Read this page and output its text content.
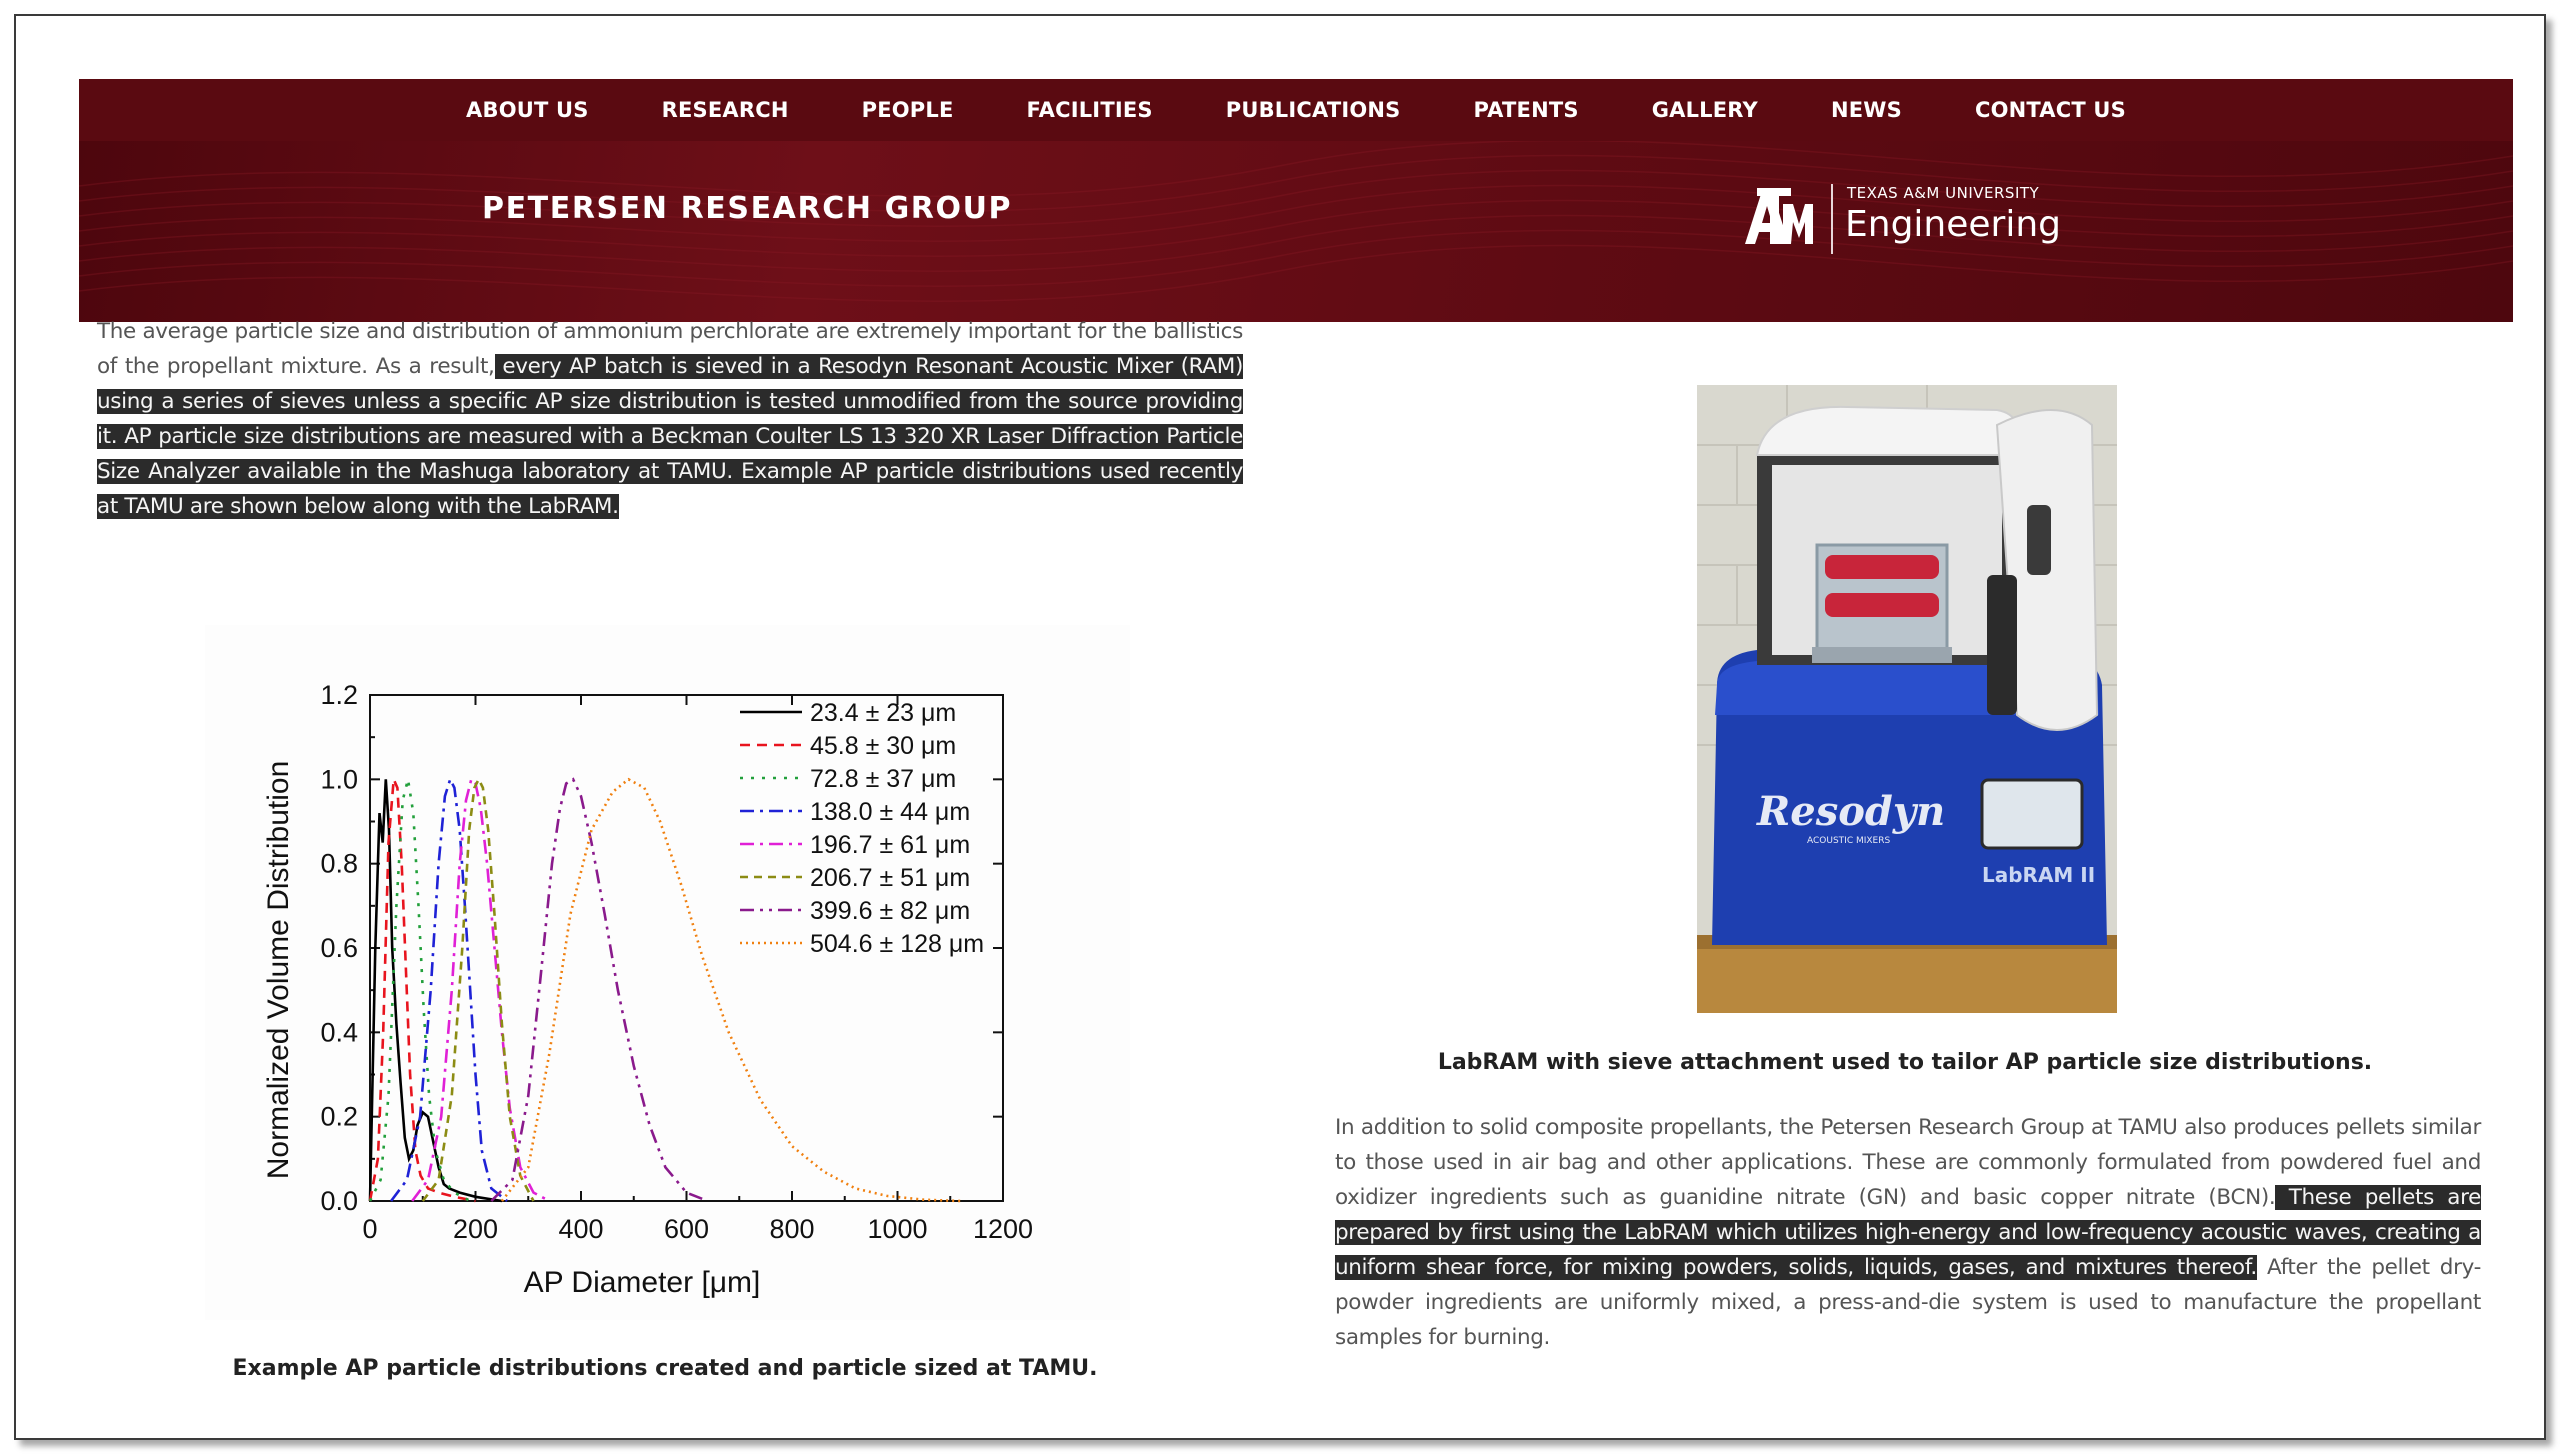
ABOUT US	RESEARCH	PEOPLE	FACILITIES	PUBLICATIONS	PATENTS	GALLERY	NEWS	CONTACT US
PETERSEN RESEARCH GROUP	TEXAS A&M UNIVERSITY
Engineering

The average particle size and distribution of ammonium perchlorate are extremely important for the ballistics of the propellant mixture. As a result, every AP batch is sieved in a Resodyn Resonant Acoustic Mixer (RAM) using a series of sieves unless a specific AP size distribution is tested unmodified from the source providing it. AP particle size distributions are measured with a Beckman Coulter LS 13 320 XR Laser Diffraction Particle Size Analyzer available in the Mashuga laboratory at TAMU. Example AP particle distributions used recently at TAMU are shown below along with the LabRAM.

0	200 400 600 800 1000 1200
0.0
0.2
0.4
0.6
0.8
1.0
1.2
23.4 ± 23 μm
45.8 ± 30 μm
72.8 ± 37 μm
138.0 ± 44 μm
196.7 ± 61 μm
206.7 ± 51 μm
399.6 ± 82 μm
504.6 ± 128 μm
AP Diameter [μm]
Normalized Volume Distribution
Example AP particle distributions created and particle sized at TAMU.
Resodyn
ACOUSTIC MIXERS
LabRAM II
LabRAM with sieve attachment used to tailor AP particle size distributions.

In addition to solid composite propellants, the Petersen Research Group at TAMU also produces pellets similar to those used in air bag and other applications. These are commonly formulated from powdered fuel and oxidizer ingredients such as guanidine nitrate (GN) and basic copper nitrate (BCN). These pellets are prepared by first using the LabRAM which utilizes high-energy and low-frequency acoustic waves, creating a uniform shear force, for mixing powders, solids, liquids, gases, and mixtures thereof. After the pellet dry-powder ingredients are uniformly mixed, a press-and-die system is used to manufacture the propellant samples for burning.
